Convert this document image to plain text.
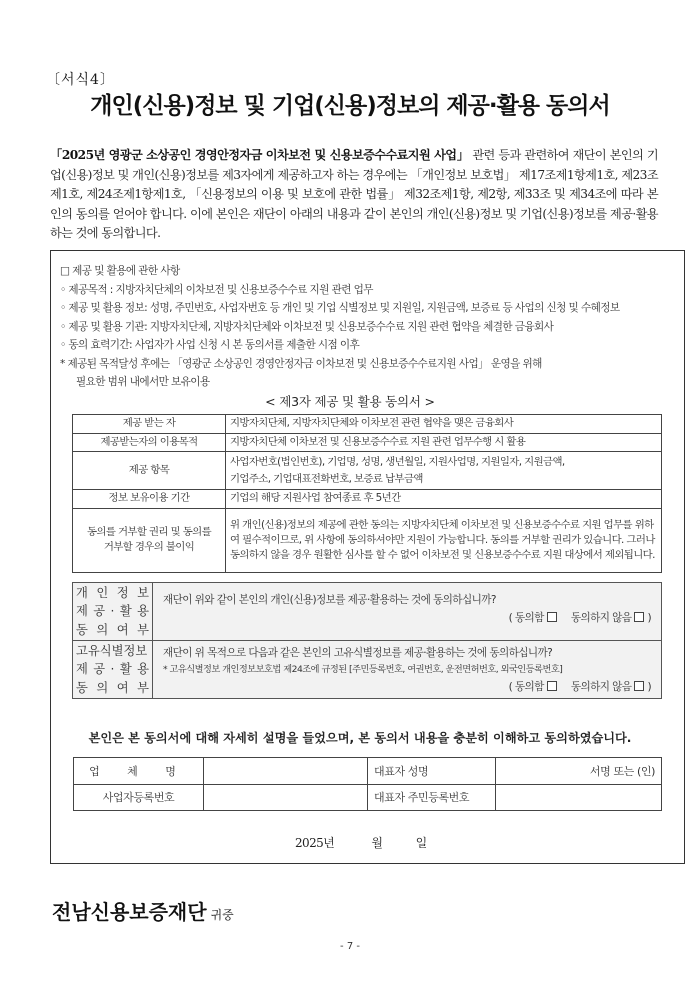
〔서식4〕
개인(신용)정보 및 기업(신용)정보의 제공·활용 동의서
「2025년 영광군 소상공인 경영안정자금 이차보전 및 신용보증수수료지원 사업」 관련 등과 관련하여 재단이 본인의 기업(신용)정보 및 개인(신용)정보를 제3자에게 제공하고자 하는 경우에는 「개인정보 보호법」 제17조제1항제1호, 제23조제1호, 제24조제1항제1호, 「신용정보의 이용 및 보호에 관한 법률」 제32조제1항, 제2항, 제33조 및 제34조에 따라 본인의 동의를 얻어야 합니다. 이에 본인은 재단이 아래의 내용과 같이 본인의 개인(신용)정보 및 기업(신용)정보를 제공·활용하는 것에 동의합니다.
□ 제공 및 활용에 관한 사항
◦ 제공목적 : 지방자치단체의 이차보전 및 신용보증수수료 지원 관련 업무
◦ 제공 및 활용 정보: 성명, 주민번호, 사업자번호 등 개인 및 기업 식별정보 및 지원일, 지원금액, 보증료 등 사업의 신청 및 수혜정보
◦ 제공 및 활용 기관: 지방자치단체, 지방자치단체와 이차보전 및 신용보증수수료 지원 관련 협약을 체결한 금융회사
◦ 동의 효력기간: 사업자가 사업 신청 시 본 동의서를 제출한 시점 이후
* 제공된 목적달성 후에는 「영광군 소상공인 경영안정자금 이차보전 및 신용보증수수료지원 사업」 운영을 위해
필요한 범위 내에서만 보유이용
< 제3자 제공 및 활용 동의서 >
제공 받는 자	지방자치단체, 지방자치단체와 이차보전 관련 협약을 맺은 금융회사
제공받는자의 이용목적	지방자치단체 이차보전 및 신용보증수수료 지원 관련 업무수행 시 활용
제공 항목	사업자번호(법인번호), 기업명, 성명, 생년월일, 지원사업명, 지원일자, 지원금액,
기업주소, 기업대표전화번호, 보증료 납부금액

정보 보유이용 기간	기업의 해당 지원사업 참여종료 후 5년간

동의를 거부할 권리 및 동의를
거부할 경우의 불이익	위 개인(신용)정보의 제공에 관한 동의는 지방자치단체 이차보전 및 신용보증수수료 지원 업무를 위하여 필수적이므로, 위 사항에 동의하셔야만 지원이 가능합니다. 동의를 거부할 권리가 있습니다. 그러나 동의하지 않을 경우 원활한 심사를 할 수 없어 이차보전 및 신용보증수수료 지원 대상에서 제외됩니다.
개 인 정 보
제 공 · 활 용
동 의 여 부

재단이 위와 같이 본인의 개인(신용)정보를 제공·활용하는 것에 동의하십니까?
( 동의함	동의하지 않음 )

고유식별정보
제 공 · 활 용
동 의 여 부

재단이 위 목적으로 다음과 같은 본인의 고유식별정보를 제공·활용하는 것에 동의하십니까?
* 고유식별정보 개인정보보호법 제24조에 규정된 [주민등록번호, 여권번호, 운전면허번호, 외국인등록번호]
( 동의함	동의하지 않음 )
본인은 본 동의서에 대해 자세히 설명을 들었으며, 본 동의서 내용을 충분히 이해하고 동의하였습니다.
업 체 명		대표자 성명	서명 또는 (인)
사업자등록번호		대표자 주민등록번호	
2025년	월	일
전남신용보증재단 귀중
- 7 -
